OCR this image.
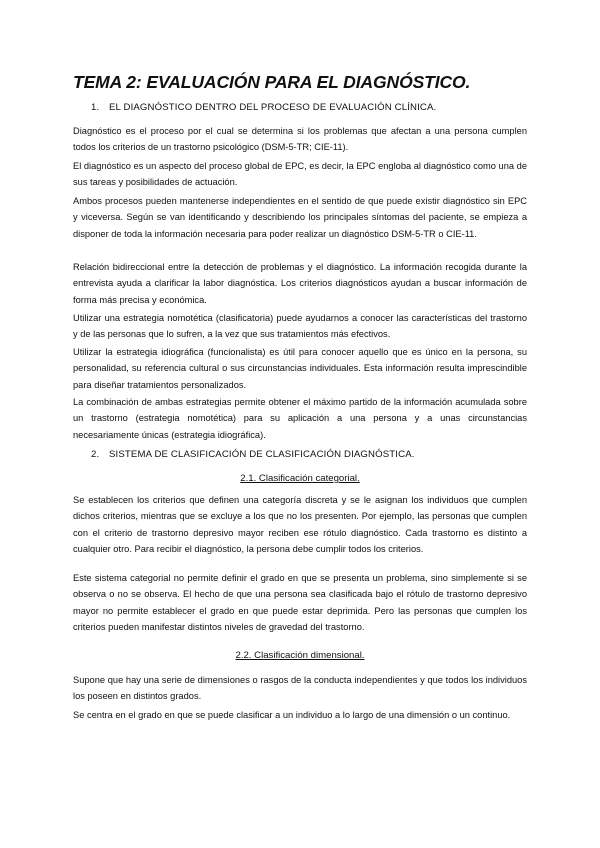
TEMA 2: EVALUACIÓN PARA EL DIAGNÓSTICO.
1. EL DIAGNÓSTICO DENTRO DEL PROCESO DE EVALUACIÓN CLÍNICA.
Diagnóstico es el proceso por el cual se determina si los problemas que afectan a una persona cumplen todos los criterios de un trastorno psicológico (DSM-5-TR; CIE-11).
El diagnóstico es un aspecto del proceso global de EPC, es decir, la EPC engloba al diagnóstico como una de sus tareas y posibilidades de actuación.
Ambos procesos pueden mantenerse independientes en el sentido de que puede existir diagnóstico sin EPC y viceversa. Según se van identificando y describiendo los principales síntomas del paciente, se empieza a disponer de toda la información necesaria para poder realizar un diagnóstico DSM-5-TR o CIE-11.
Relación bidireccional entre la detección de problemas y el diagnóstico. La información recogida durante la entrevista ayuda a clarificar la labor diagnóstica. Los criterios diagnósticos ayudan a buscar información de forma más precisa y económica.
Utilizar una estrategia nomotética (clasificatoria) puede ayudarnos a conocer las características del trastorno y de las personas que lo sufren, a la vez que sus tratamientos más efectivos.
Utilizar la estrategia idiográfica (funcionalista) es útil para conocer aquello que es único en la persona, su personalidad, su referencia cultural o sus circunstancias individuales. Esta información resulta imprescindible para diseñar tratamientos personalizados.
La combinación de ambas estrategias permite obtener el máximo partido de la información acumulada sobre un trastorno (estrategia nomotética) para su aplicación a una persona y a unas circunstancias necesariamente únicas (estrategia idiográfica).
2. SISTEMA DE CLASIFICACIÓN DE CLASIFICACIÓN DIAGNÓSTICA.
2.1. Clasificación categorial.
Se establecen los criterios que definen una categoría discreta y se le asignan los individuos que cumplen dichos criterios, mientras que se excluye a los que no los presenten. Por ejemplo, las personas que cumplen con el criterio de trastorno depresivo mayor reciben ese rótulo diagnóstico. Cada trastorno es distinto a cualquier otro. Para recibir el diagnóstico, la persona debe cumplir todos los criterios.
Este sistema categorial no permite definir el grado en que se presenta un problema, sino simplemente si se observa o no se observa. El hecho de que una persona sea clasificada bajo el rótulo de trastorno depresivo mayor no permite establecer el grado en que puede estar deprimida. Pero las personas que cumplen los criterios pueden manifestar distintos niveles de gravedad del trastorno.
2.2. Clasificación dimensional.
Supone que hay una serie de dimensiones o rasgos de la conducta independientes y que todos los individuos los poseen en distintos grados.
Se centra en el grado en que se puede clasificar a un individuo a lo largo de una dimensión o un continuo.
